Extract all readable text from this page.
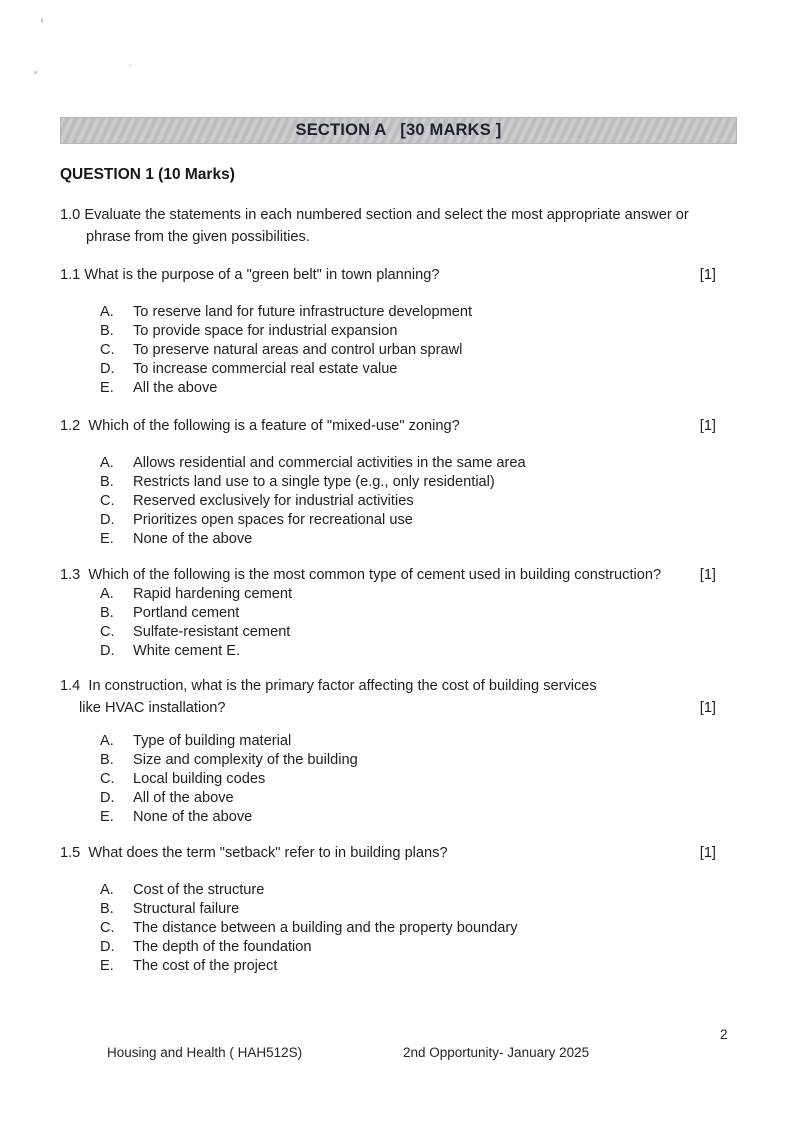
SECTION A   [30 MARKS ]
QUESTION 1 (10 Marks)
1.0 Evaluate the statements in each numbered section and select the most appropriate answer or
phrase from the given possibilities.
1.1 What is the purpose of a "green belt" in town planning?	[1]
A. To reserve land for future infrastructure development
B. To provide space for industrial expansion
C. To preserve natural areas and control urban sprawl
D. To increase commercial real estate value
E. All the above
1.2  Which of the following is a feature of "mixed-use" zoning?	[1]
A. Allows residential and commercial activities in the same area
B. Restricts land use to a single type (e.g., only residential)
C. Reserved exclusively for industrial activities
D. Prioritizes open spaces for recreational use
E. None of the above
1.3  Which of the following is the most common type of cement used in building construction?	[1]
A. Rapid hardening cement
B. Portland cement
C. Sulfate-resistant cement
D. White cement E.
1.4  In construction, what is the primary factor affecting the cost of building services
like HVAC installation?	[1]
A. Type of building material
B. Size and complexity of the building
C. Local building codes
D. All of the above
E. None of the above
1.5  What does the term "setback" refer to in building plans?	[1]
A. Cost of the structure
B. Structural failure
C. The distance between a building and the property boundary
D. The depth of the foundation
E. The cost of the project
2
Housing and Health ( HAH512S)	2nd Opportunity- January 2025
